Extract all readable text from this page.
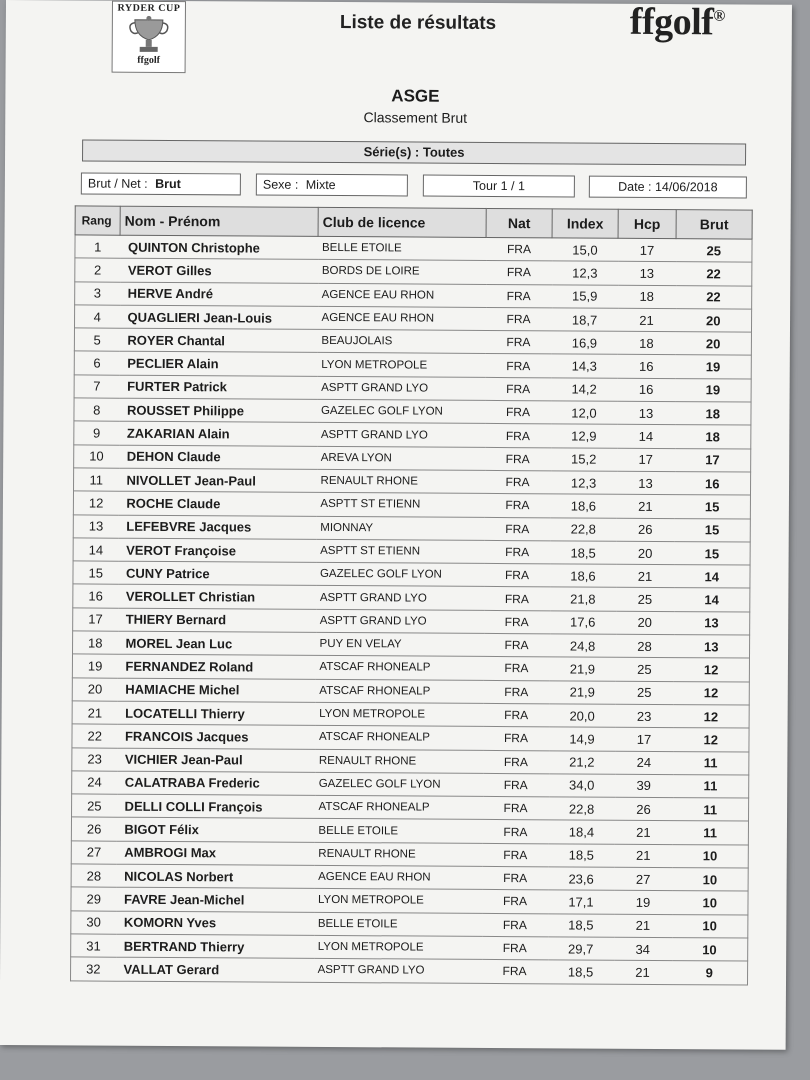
RYDER CUP
ffgolf
Liste de résultats	ffgolf®
ASGE
Classement Brut
Série(s) : Toutes
Brut / Net : Brut	Sexe : Mixte	Tour 1 / 1	Date : 14/06/2018
Rang	Nom - Prénom	Club de licence	Nat	Index	Hcp	Brut
1	QUINTON Christophe	BELLE ETOILE	FRA	15,0	17	25
2	VEROT Gilles	BORDS DE LOIRE	FRA	12,3	13	22
3	HERVE André	AGENCE EAU RHON	FRA	15,9	18	22
4	QUAGLIERI Jean-Louis	AGENCE EAU RHON	FRA	18,7	21	20
5	ROYER Chantal	BEAUJOLAIS	FRA	16,9	18	20
6	PECLIER Alain	LYON METROPOLE	FRA	14,3	16	19
7	FURTER Patrick	ASPTT GRAND LYO	FRA	14,2	16	19
8	ROUSSET Philippe	GAZELEC GOLF LYON	FRA	12,0	13	18
9	ZAKARIAN Alain	ASPTT GRAND LYO	FRA	12,9	14	18
10	DEHON Claude	AREVA LYON	FRA	15,2	17	17
11	NIVOLLET Jean-Paul	RENAULT RHONE	FRA	12,3	13	16
12	ROCHE Claude	ASPTT ST ETIENN	FRA	18,6	21	15
13	LEFEBVRE Jacques	MIONNAY	FRA	22,8	26	15
14	VEROT Françoise	ASPTT ST ETIENN	FRA	18,5	20	15
15	CUNY Patrice	GAZELEC GOLF LYON	FRA	18,6	21	14
16	VEROLLET Christian	ASPTT GRAND LYO	FRA	21,8	25	14
17	THIERY Bernard	ASPTT GRAND LYO	FRA	17,6	20	13
18	MOREL Jean Luc	PUY EN VELAY	FRA	24,8	28	13
19	FERNANDEZ Roland	ATSCAF RHONEALP	FRA	21,9	25	12
20	HAMIACHE Michel	ATSCAF RHONEALP	FRA	21,9	25	12
21	LOCATELLI Thierry	LYON METROPOLE	FRA	20,0	23	12
22	FRANCOIS Jacques	ATSCAF RHONEALP	FRA	14,9	17	12
23	VICHIER Jean-Paul	RENAULT RHONE	FRA	21,2	24	11
24	CALATRABA Frederic	GAZELEC GOLF LYON	FRA	34,0	39	11
25	DELLI COLLI François	ATSCAF RHONEALP	FRA	22,8	26	11
26	BIGOT Félix	BELLE ETOILE	FRA	18,4	21	11
27	AMBROGI Max	RENAULT RHONE	FRA	18,5	21	10
28	NICOLAS Norbert	AGENCE EAU RHON	FRA	23,6	27	10
29	FAVRE Jean-Michel	LYON METROPOLE	FRA	17,1	19	10
30	KOMORN Yves	BELLE ETOILE	FRA	18,5	21	10
31	BERTRAND Thierry	LYON METROPOLE	FRA	29,7	34	10
32	VALLAT Gerard	ASPTT GRAND LYO	FRA	18,5	21	9
